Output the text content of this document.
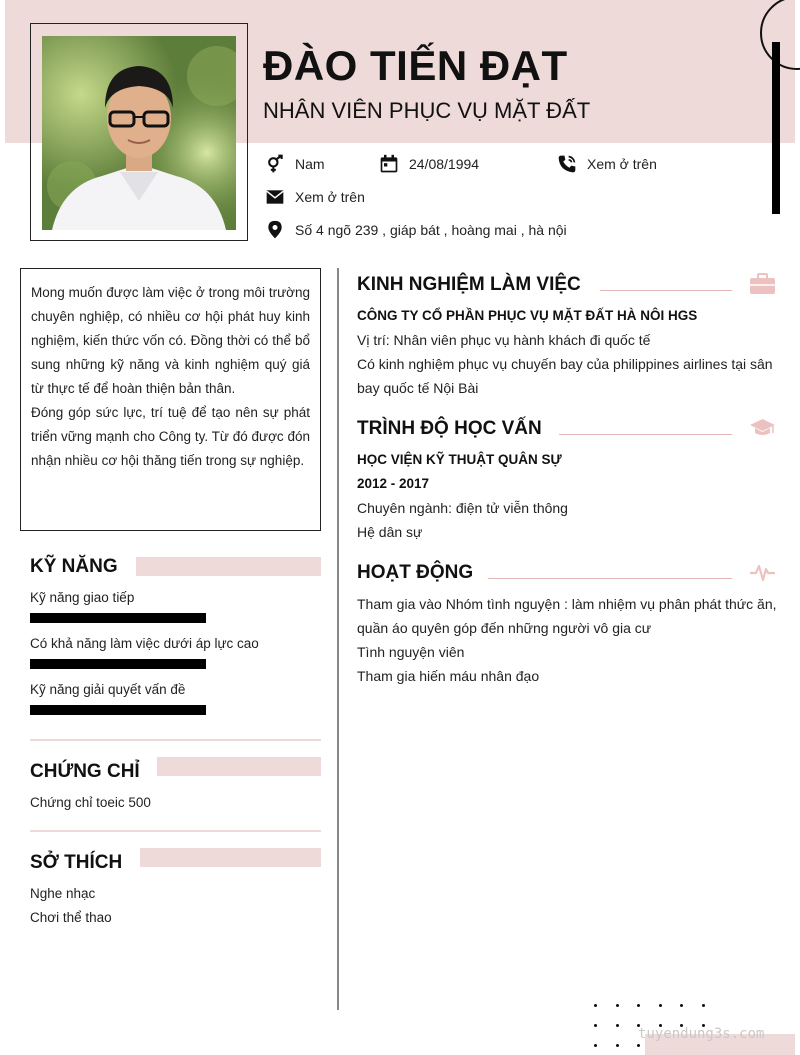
ĐÀO TIẾN ĐẠT
NHÂN VIÊN PHỤC VỤ MẶT ĐẤT
Nam	24/08/1994	Xem ở trên
Xem ở trên
Số 4 ngõ 239 , giáp bát , hoàng mai , hà nội
Mong muốn được làm việc ở trong môi trường chuyên nghiệp, có nhiều cơ hội phát huy kinh nghiệm, kiến thức vốn có. Đồng thời có thể bổ sung những kỹ năng và kinh nghiệm quý giá từ thực tế để hoàn thiện bản thân.
Đóng góp sức lực, trí tuệ để tạo nên sự phát triển vững mạnh cho Công ty. Từ đó được đón nhận nhiều cơ hội thăng tiến trong sự nghiệp.
KỸ NĂNG
Kỹ năng giao tiếp
Có khả năng làm việc dưới áp lực cao
Kỹ năng giải quyết vấn đề
CHỨNG CHỈ
Chứng chỉ toeic 500
SỞ THÍCH
Nghe nhạc
Chơi thể thao
KINH NGHIỆM LÀM VIỆC
CÔNG TY CỔ PHẦN PHỤC VỤ MẶT ĐẤT HÀ NÔI HGS
Vị trí: Nhân viên phục vụ hành khách đi quốc tế
Có kinh nghiệm phục vụ chuyến bay của philippines airlines tại sân bay quốc tế Nội Bài
TRÌNH ĐỘ HỌC VẤN
HỌC VIỆN KỸ THUẬT QUÂN SỰ
2012 - 2017
Chuyên ngành: điện tử viễn thông
Hệ dân sự
HOẠT ĐỘNG
Tham gia vào Nhóm tình nguyện : làm nhiệm vụ phân phát thức ăn, quần áo quyên góp đến những người vô gia cư
Tình nguyện viên
Tham gia hiến máu nhân đạo
tuyendung3s.com
